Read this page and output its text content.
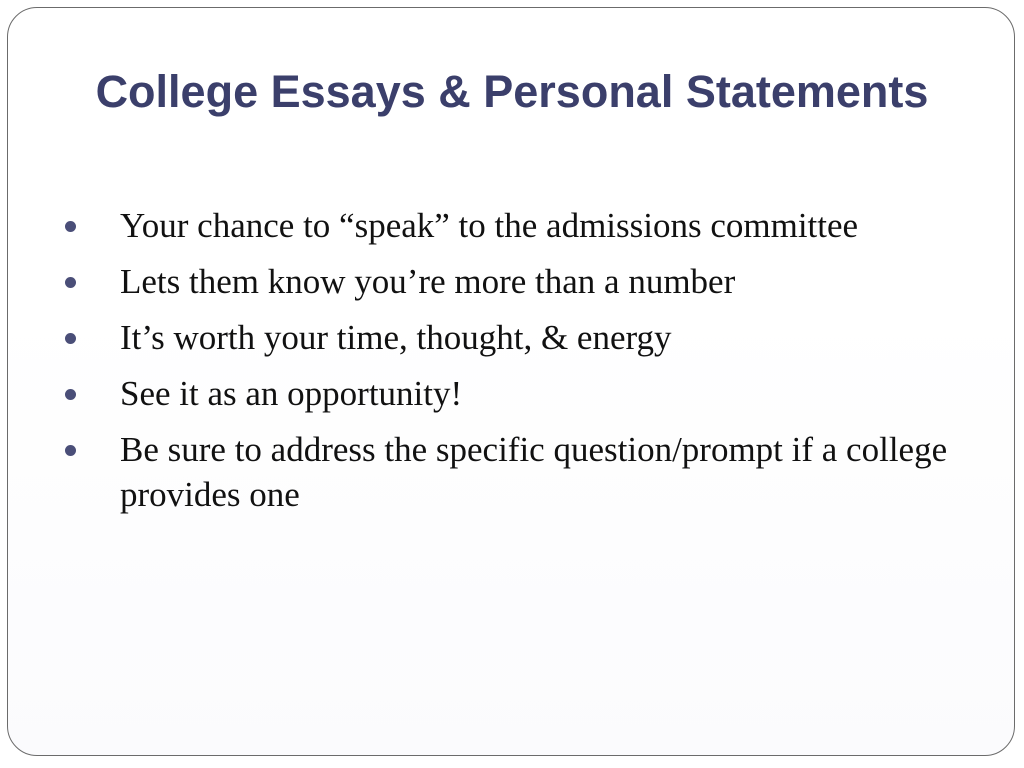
College Essays & Personal Statements
Your chance to “speak” to the admissions committee
Lets them know you’re more than a number
It’s worth your time, thought, & energy
See it as an opportunity!
Be sure to address the specific question/prompt if a college provides one
